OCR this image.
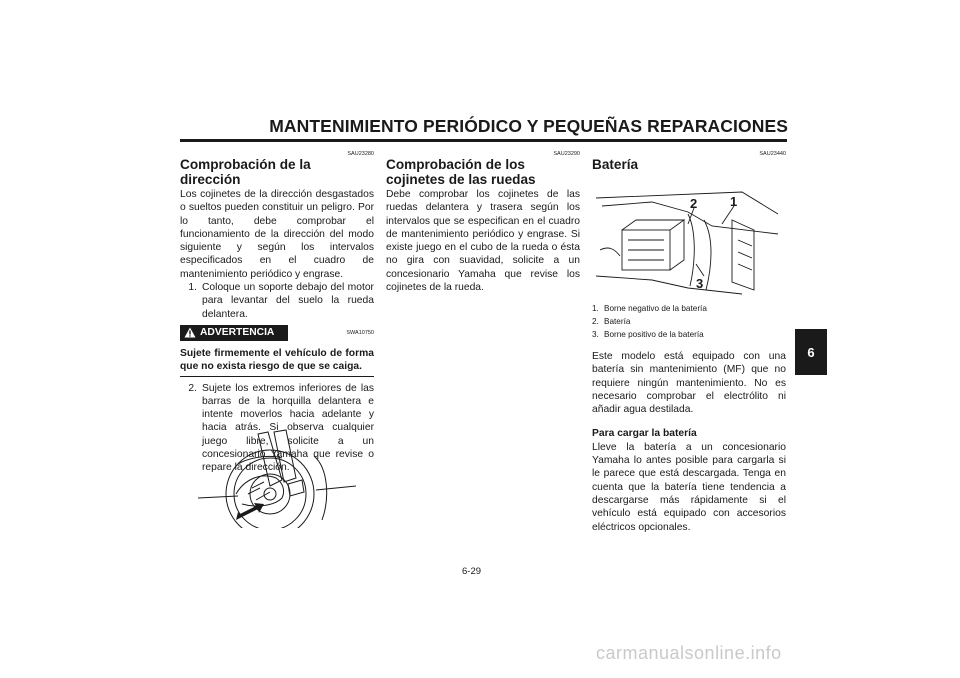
MANTENIMIENTO PERIÓDICO Y PEQUEÑAS REPARACIONES
SAU23280
Comprobación de la dirección

Los cojinetes de la dirección desgastados o sueltos pueden constituir un peligro. Por lo tanto, debe comprobar el funcionamiento de la dirección del modo siguiente y según los intervalos especificados en el cuadro de mantenimiento periódico y engrase.

1. Coloque un soporte debajo del motor para levantar del suelo la rueda delantera.
ADVERTENCIA	SWA10750

Sujete firmemente el vehículo de forma que no exista riesgo de que se caiga.

2. Sujete los extremos inferiores de las barras de la horquilla delantera e intente moverlos hacia adelante y hacia atrás. Si observa cualquier juego libre, solicite a un concesionario Yamaha que revise o repare la dirección.
SAU23290
Comprobación de los cojinetes de las ruedas

Debe comprobar los cojinetes de las ruedas delantera y trasera según los intervalos que se especifican en el cuadro de mantenimiento periódico y engrase. Si existe juego en el cubo de la rueda o ésta no gira con suavidad, solicite a un concesionario Yamaha que revise los cojinetes de la rueda.

SAU23440
Batería
1
2
3
1. Borne negativo de la batería
2. Batería
3. Borne positivo de la batería

Este modelo está equipado con una batería sin mantenimiento (MF) que no requiere ningún mantenimiento. No es necesario comprobar el electrólito ni añadir agua destilada.

Para cargar la batería

Lleve la batería a un concesionario Yamaha lo antes posible para cargarla si le parece que está descargada. Tenga en cuenta que la batería tiene tendencia a descargarse más rápidamente si el vehículo está equipado con accesorios eléctricos opcionales.

6-29
6
carmanualsonline.info
